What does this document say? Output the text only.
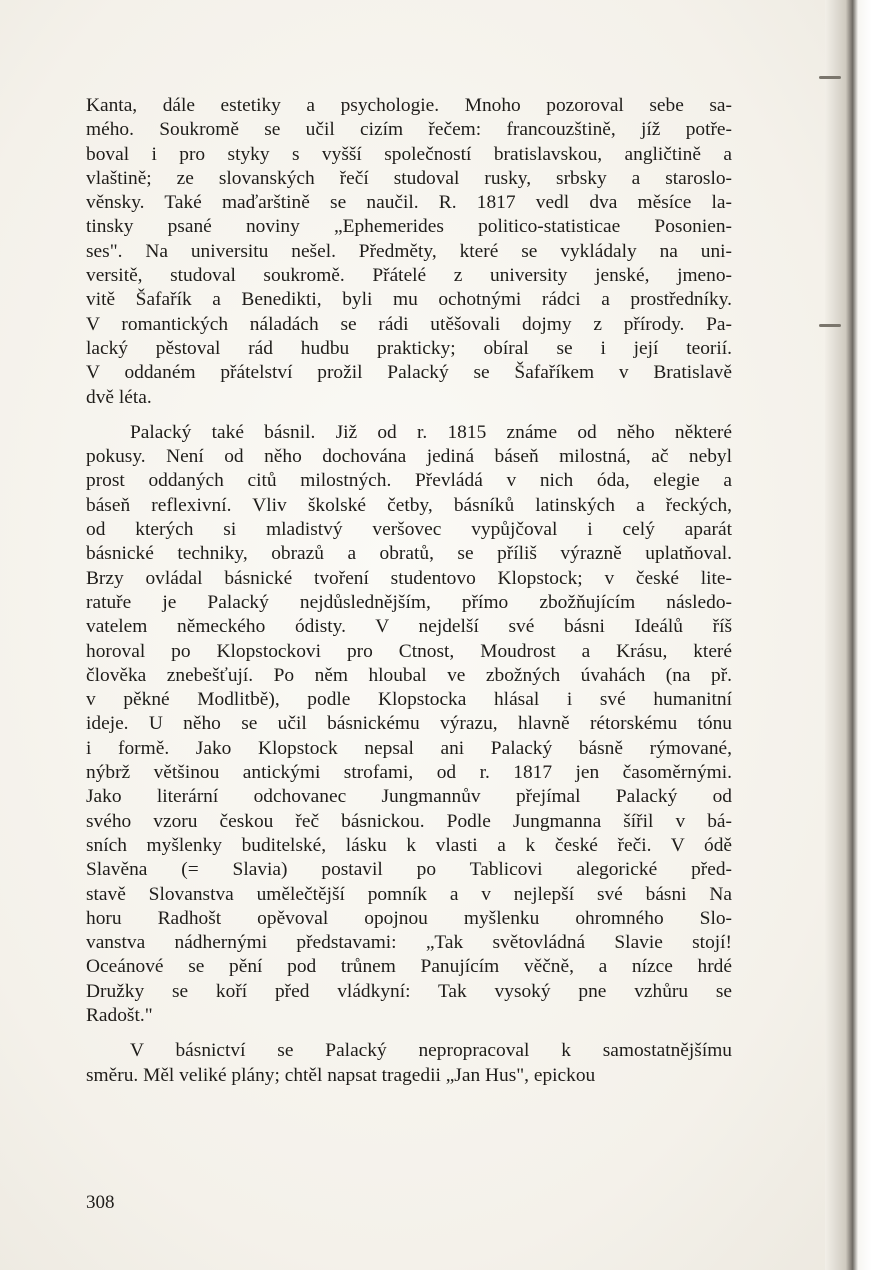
Kanta, dále estetiky a psychologie. Mnoho pozoroval sebe sa-
mého. Soukromě se učil cizím řečem: francouzštině, jíž potře-
boval i pro styky s vyšší společností bratislavskou, angličtině a
vlaštině; ze slovanských řečí studoval rusky, srbsky a staroslo-
věnsky. Také maďarštině se naučil. R. 1817 vedl dva měsíce la-
tinsky psané noviny „Ephemerides politico-statisticae Posonien-
ses". Na universitu nešel. Předměty, které se vykládaly na uni-
versitě, studoval soukromě. Přátelé z university jenské, jmeno-
vitě Šafařík a Benedikti, byli mu ochotnými rádci a prostředníky.
V romantických náladách se rádi utěšovali dojmy z přírody. Pa-
lacký pěstoval rád hudbu prakticky; obíral se i její teorií.
V oddaném přátelství prožil Palacký se Šafaříkem v Bratislavě
dvě léta.
Palacký také básnil. Již od r. 1815 známe od něho některé
pokusy. Není od něho dochována jediná báseň milostná, ač nebyl
prost oddaných citů milostných. Převládá v nich óda, elegie a
báseň reflexivní. Vliv školské četby, básníků latinských a řeckých,
od kterých si mladistvý veršovec vypůjčoval i celý aparát
básnické techniky, obrazů a obratů, se příliš výrazně uplatňoval.
Brzy ovládal básnické tvoření studentovo Klopstock; v české lite-
ratuře je Palacký nejdůslednějším, přímo zbožňujícím následo-
vatelem německého ódisty. V nejdelší své básni Ideálů říš
horoval po Klopstockovi pro Ctnost, Moudrost a Krásu, které
člověka znebešťují. Po něm hloubal ve zbožných úvahách (na př.
v pěkné Modlitbě), podle Klopstocka hlásal i své humanitní
ideje. U něho se učil básnickému výrazu, hlavně rétorskému tónu
i formě. Jako Klopstock nepsal ani Palacký básně rýmované,
nýbrž většinou antickými strofami, od r. 1817 jen časoměrnými.
Jako literární odchovanec Jungmannův přejímal Palacký od
svého vzoru českou řeč básnickou. Podle Jungmanna šířil v bá-
sních myšlenky buditelské, lásku k vlasti a k české řeči. V ódě
Slavěna (= Slavia) postavil po Tablicovi alegorické před-
stavě Slovanstva umělečtější pomník a v nejlepší své básni Na
horu Radhošt opěvoval opojnou myšlenku ohromného Slo-
vanstva nádhernými představami: „Tak světovládná Slavie stojí!
Oceánové se pění pod trůnem Panujícím věčně, a nízce hrdé
Družky se koří před vládkyní: Tak vysoký pne vzhůru se
Radošt."
V básnictví se Palacký nepropracoval k samostatnějšímu
směru. Měl veliké plány; chtěl napsat tragedii „Jan Hus", epickou
308
